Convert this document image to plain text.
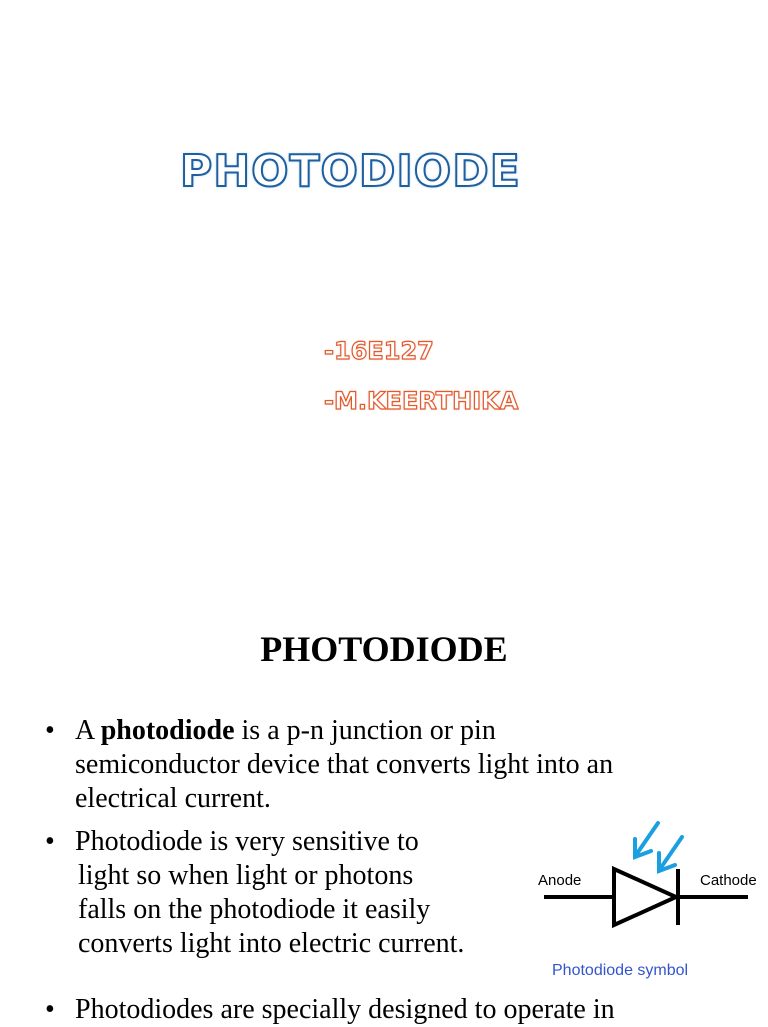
PHOTODIODE

-16E127

-M.KEERTHIKA

PHOTODIODE
• A photodiode is a p-n junction or pin
semiconductor device that converts light into an
electrical current.
• Photodiode is very sensitive to
light so when light or photons
falls on the photodiode it easily
converts light into electric current.
• Photodiodes are specially designed to operate in
Anode	Cathode
Photodiode symbol
